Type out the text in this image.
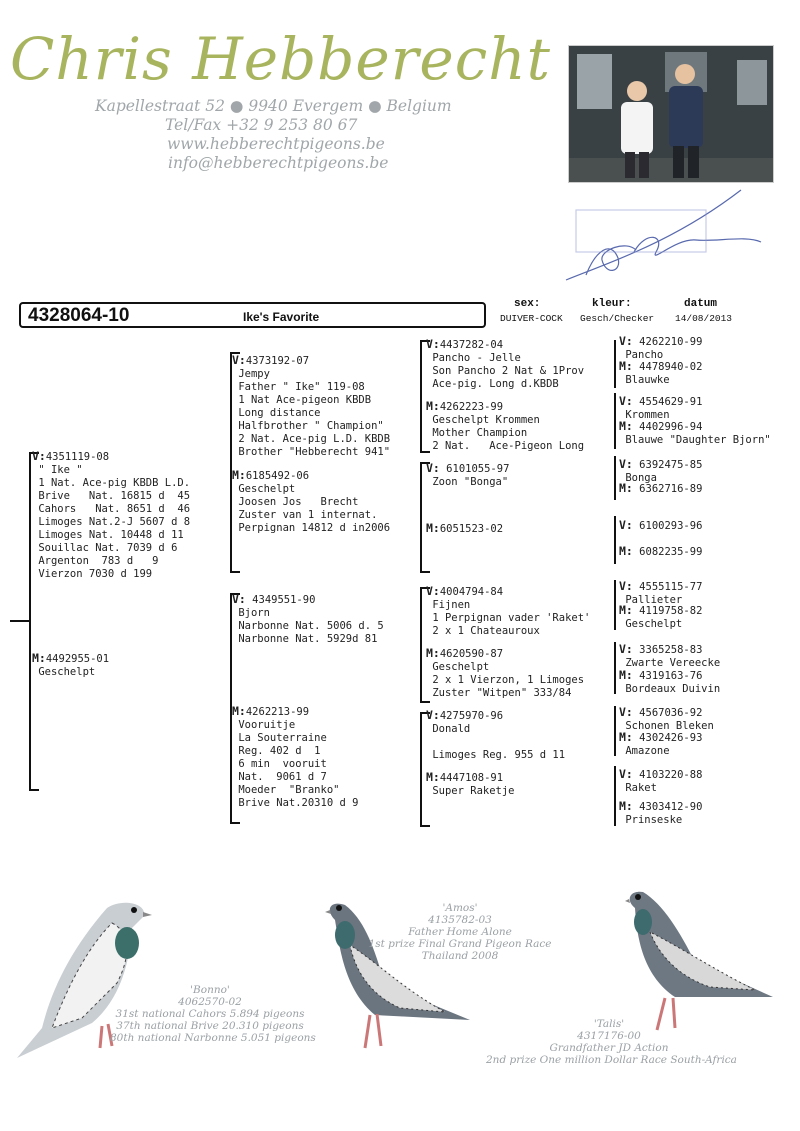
Chris Hebberecht
Kapellestraat 52 ● 9940 Evergem ● Belgium
Tel/Fax +32 9 253 80 67
www.hebberechtpigeons.be
info@hebberechtpigeons.be
4328064-10	Ike's Favorite
sex:
DUIVER-COCK
kleur:
Gesch/Checker
datum
14/08/2013
V:4351119-08
" Ike "
1 Nat. Ace-pig KBDB L.D.
Brive   Nat. 16815 d  45
Cahors   Nat. 8651 d  46
Limoges Nat.2-J 5607 d 8
Limoges Nat. 10448 d 11
Souillac Nat. 7039 d 6
Argenton  783 d   9
Vierzon 7030 d 199
M:4492955-01
Geschelpt
V:4373192-07
Jempy
Father " Ike" 119-08
1 Nat Ace-pigeon KBDB
Long distance
Halfbrother " Champion"
2 Nat. Ace-pig L.D. KBDB
Brother "Hebberecht 941"
M:6185492-06
Geschelpt
Joosen Jos   Brecht
Zuster van 1 internat.
Perpignan 14812 d in2006
V: 4349551-90
Bjorn
Narbonne Nat. 5006 d. 5
Narbonne Nat. 5929d 81
M:4262213-99
Vooruitje
La Souterraine
Reg. 402 d  1
6 min  vooruit
Nat.  9061 d 7
Moeder  "Branko"
Brive Nat.20310 d 9
V:4437282-04
Pancho - Jelle
Son Pancho 2 Nat & 1Prov
Ace-pig. Long d.KBDB
M:4262223-99
Geschelpt Krommen
Mother Champion
2 Nat.   Ace-Pigeon Long
V: 6101055-97
Zoon "Bonga"
M:6051523-02
V:4004794-84
Fijnen
1 Perpignan vader 'Raket'
2 x 1 Chateauroux
M:4620590-87
Geschelpt
2 x 1 Vierzon, 1 Limoges
Zuster "Witpen" 333/84
V:4275970-96
Donald

Limoges Reg. 955 d 11
M:4447108-91
Super Raketje
V: 4262210-99
Pancho
M: 4478940-02
Blauwke
V: 4554629-91
Krommen
M: 4402996-94
Blauwe "Daughter Bjorn"
V: 6392475-85
Bonga
M: 6362716-89
V: 6100293-96
M: 6082235-99
V: 4555115-77
Pallieter
M: 4119758-82
Geschelpt
V: 3365258-83
Zwarte Vereecke
M: 4319163-76
Bordeaux Duivin
V: 4567036-92
Schonen Bleken
M: 4302426-93
Amazone
V: 4103220-88
Raket
M: 4303412-90
Prinseske
'Bonno'
4062570-02
31st national Cahors 5.894 pigeons
37th national Brive 20.310 pigeons
80th national Narbonne 5.051 pigeons
'Amos'
4135782-03
Father Home Alone
1st prize Final Grand Pigeon Race
Thailand 2008
'Talis'
4317176-00
Grandfather JD Action
2nd prize One million Dollar Race South-Africa
